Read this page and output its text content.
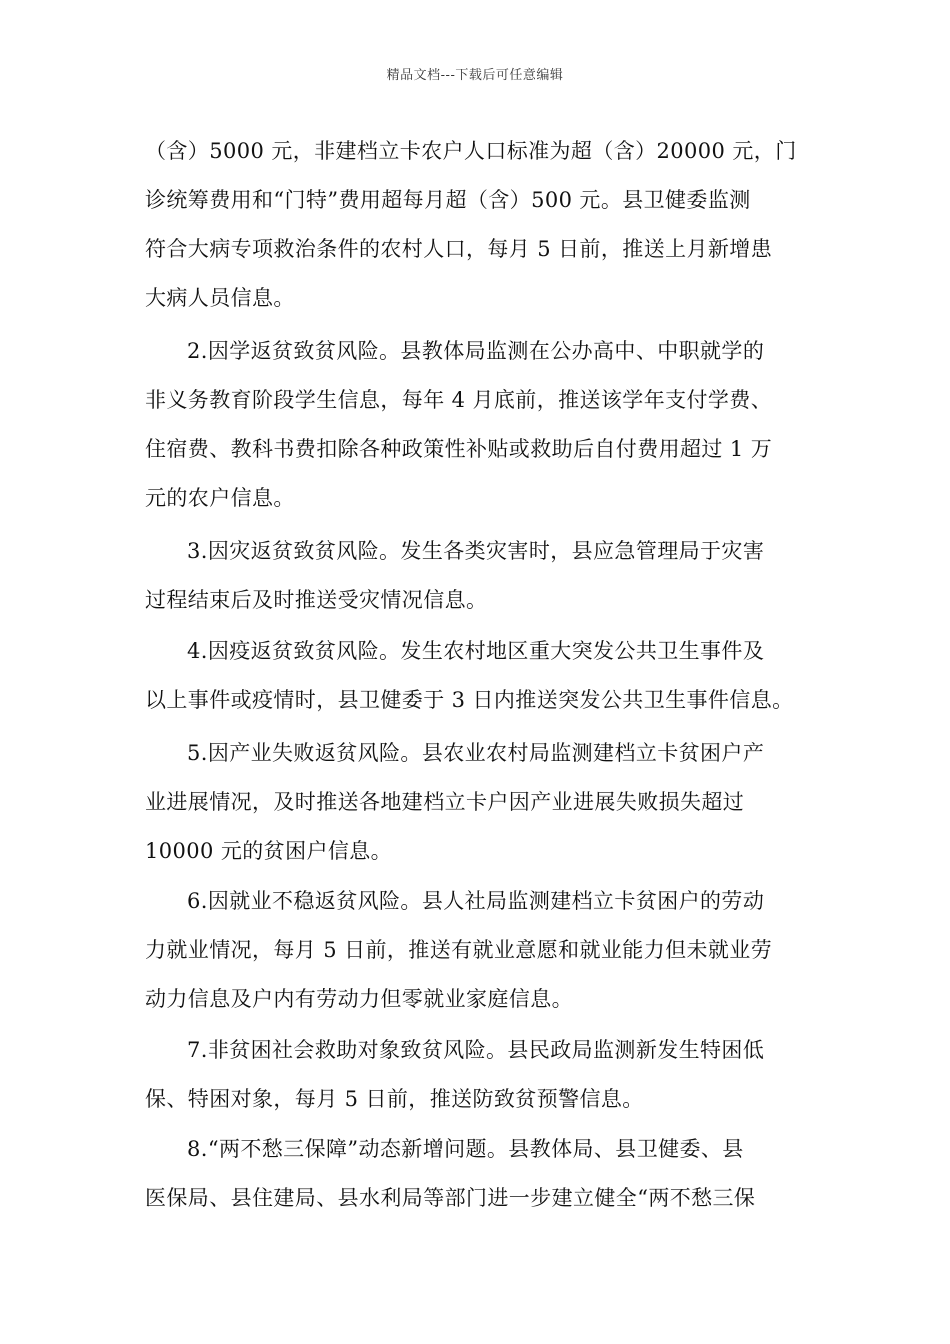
精品文档---下载后可任意编辑
（含）5000 元，非建档立卡农户人口标准为超（含）20000 元，门
诊统筹费用和“门特”费用超每月超（含）500 元。县卫健委监测
符合大病专项救治条件的农村人口，每月 5 日前，推送上月新增患
大病人员信息。
2.因学返贫致贫风险。县教体局监测在公办高中、中职就学的
非义务教育阶段学生信息，每年 4 月底前，推送该学年支付学费、
住宿费、教科书费扣除各种政策性补贴或救助后自付费用超过 1 万
元的农户信息。
3.因灾返贫致贫风险。发生各类灾害时，县应急管理局于灾害
过程结束后及时推送受灾情况信息。
4.因疫返贫致贫风险。发生农村地区重大突发公共卫生事件及
以上事件或疫情时，县卫健委于 3 日内推送突发公共卫生事件信息。
5.因产业失败返贫风险。县农业农村局监测建档立卡贫困户产
业进展情况，及时推送各地建档立卡户因产业进展失败损失超过
10000 元的贫困户信息。
6.因就业不稳返贫风险。县人社局监测建档立卡贫困户的劳动
力就业情况，每月 5 日前，推送有就业意愿和就业能力但未就业劳
动力信息及户内有劳动力但零就业家庭信息。
7.非贫困社会救助对象致贫风险。县民政局监测新发生特困低
保、特困对象，每月 5 日前，推送防致贫预警信息。
8.“两不愁三保障”动态新增问题。县教体局、县卫健委、县
医保局、县住建局、县水利局等部门进一步建立健全“两不愁三保
